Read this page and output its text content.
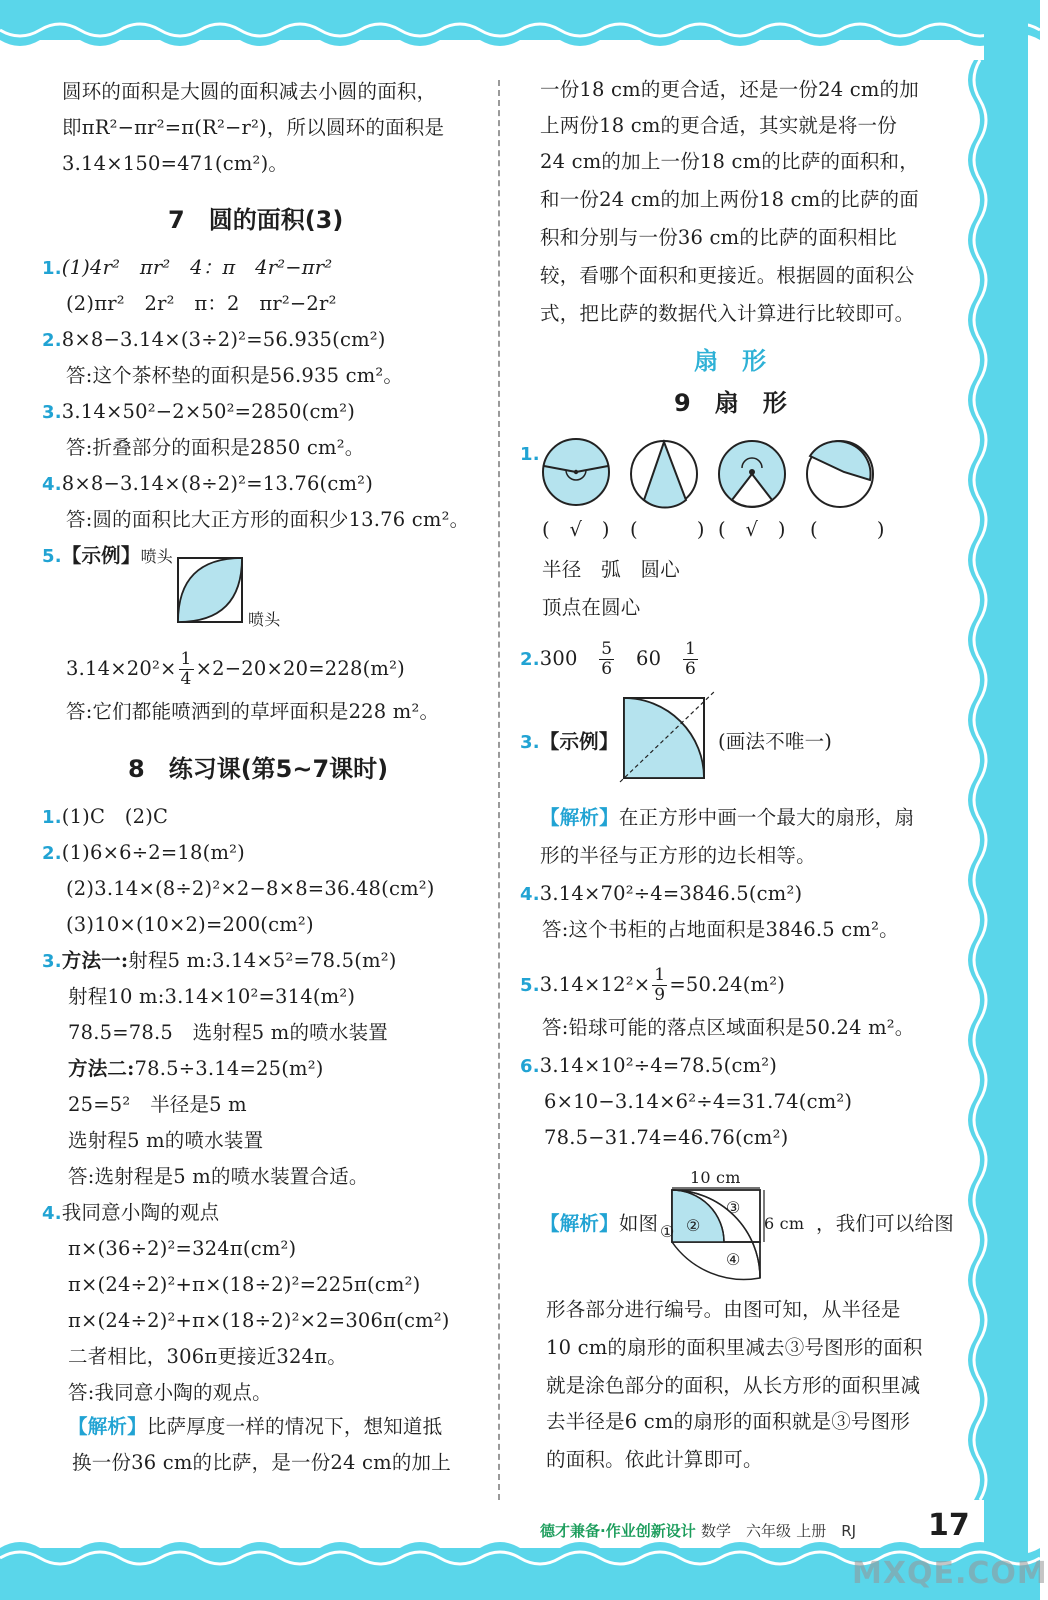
圆环的面积是大圆的面积减去小圆的面积，
即πR²−πr²=π(R²−r²)，所以圆环的面积是
3.14×150=471(cm²)。
7　圆的面积(3)
1.(1)4r²　πr²　4：π　4r²−πr²
(2)πr²　2r²　π：2　πr²−2r²
2.8×8−3.14×(3÷2)²=56.935(cm²)
答:这个茶杯垫的面积是56.935 cm²。
3.3.14×50²−2×50²=2850(cm²)
答:折叠部分的面积是2850 cm²。
4.8×8−3.14×(8÷2)²=13.76(cm²)
答:圆的面积比大正方形的面积少13.76 cm²。
5.【示例】喷头
喷头
$3.14\times 20^2\times \frac{1}{4} \times 2-20\times 20=228(m^2)$
答:它们都能喷洒到的草坪面积是228 m²。
8　练习课(第5~7课时)
1.(1)C　(2)C
2.(1)6×6÷2=18(m²)
(2)3.14×(8÷2)²×2−8×8=36.48(cm²)
(3)10×(10×2)=200(cm²)
3.方法一:射程5 m:3.14×5²=78.5(m²)
射程10 m:3.14×10²=314(m²)
78.5=78.5　选射程5 m的喷水装置
方法二:78.5÷3.14=25(m²)
25=5²　半径是5 m
选射程5 m的喷水装置
答:选射程是5 m的喷水装置合适。
4.我同意小陶的观点
π×(36÷2)²=324π(cm²)
π×(24÷2)²+π×(18÷2)²=225π(cm²)
π×(24÷2)²+π×(18÷2)²×2=306π(cm²)
二者相比，306π更接近324π。
答:我同意小陶的观点。
【解析】比萨厚度一样的情况下，想知道抵
换一份36 cm的比萨，是一份24 cm的加上
一份18 cm的更合适，还是一份24 cm的加
上两份18 cm的更合适，其实就是将一份
24 cm的加上一份18 cm的比萨的面积和，
和一份24 cm的加上两份18 cm的比萨的面
积和分别与一份36 cm的比萨的面积相比
较，看哪个面积和更接近。根据圆的面积公
式，把比萨的数据代入计算进行比较即可。
扇　形
9　扇　形
1.
(　√　) (　　　) (　√　) (　　　)
半径　弧　圆心
顶点在圆心
2.300　 $\frac{5}{6}$
　 60　 $\frac{1}{6}$
3.【示例】	(画法不唯一)
【解析】在正方形中画一个最大的扇形，扇
形的半径与正方形的边长相等。
4.3.14×70²÷4=3846.5(cm²)
答:这个书柜的占地面积是3846.5 cm²。
$5.3.14\times 12^2\times \frac{1}{9} =50.24(m^2)$
答:铅球可能的落点区域面积是50.24 m²。
6.3.14×10²÷4=78.5(cm²)
6×10−3.14×6²÷4=31.74(cm²)
78.5−31.74=46.76(cm²)
10 cm
① ②
③
④
【解析】如图	6 cm ，我们可以给图
形各部分进行编号。由图可知，从半径是
10 cm的扇形的面积里减去③号图形的面积
就是涂色部分的面积，从长方形的面积里减
去半径是6 cm的扇形的面积就是③号图形
的面积。依此计算即可。
德才兼备·作业创新设计 数学　六年级 上册　RJ 17
MXQE.COM
